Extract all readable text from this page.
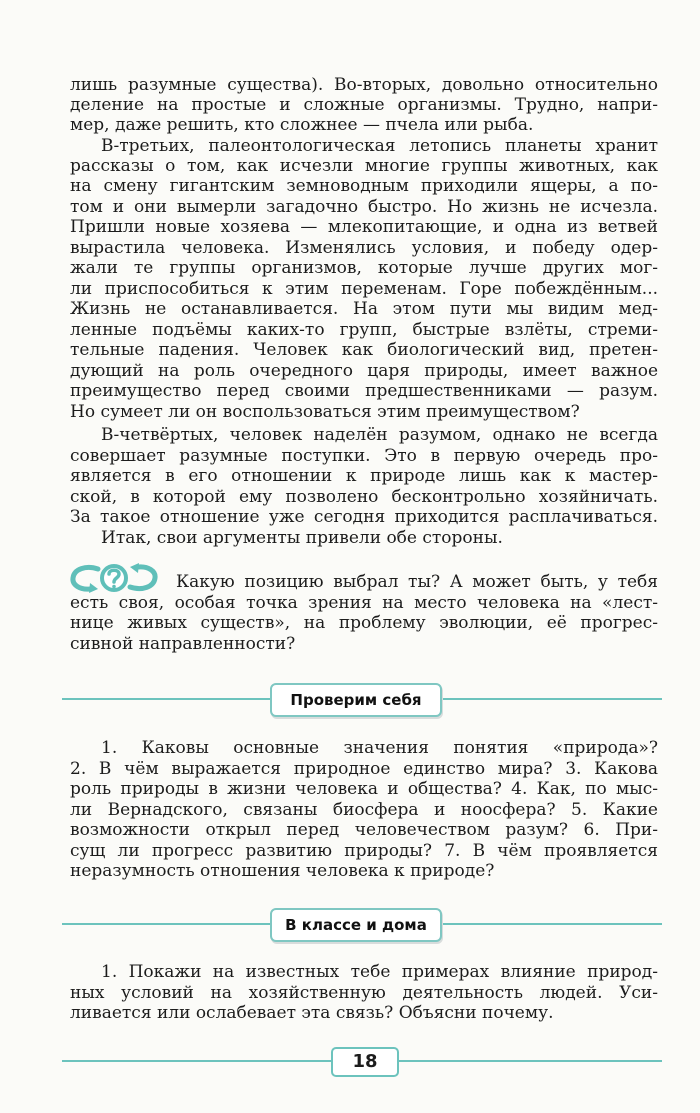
лишь разумные существа). Во-вторых, довольно относительно
деление на простые и сложные организмы. Трудно, напри-
мер, даже решить, кто сложнее — пчела или рыба.
В-третьих, палеонтологическая летопись планеты хранит
рассказы о том, как исчезли многие группы животных, как
на смену гигантским земноводным приходили ящеры, а по-
том и они вымерли загадочно быстро. Но жизнь не исчезла.
Пришли новые хозяева — млекопитающие, и одна из ветвей
вырастила человека. Изменялись условия, и победу одер-
жали те группы организмов, которые лучше других мог-
ли приспособиться к этим переменам. Горе побеждённым...
Жизнь не останавливается. На этом пути мы видим мед-
ленные подъёмы каких-то групп, быстрые взлёты, стреми-
тельные падения. Человек как биологический вид, претен-
дующий на роль очередного царя природы, имеет важное
преимущество перед своими предшественниками — разум.
Но сумеет ли он воспользоваться этим преимуществом?
В-четвёртых, человек наделён разумом, однако не всегда
совершает разумные поступки. Это в первую очередь про-
является в его отношении к природе лишь как к мастер-
ской, в которой ему позволено бесконтрольно хозяйничать.
За такое отношение уже сегодня приходится расплачиваться.
Итак, свои аргументы привели обе стороны.
Какую позицию выбрал ты? А может быть, у тебя
есть своя, особая точка зрения на место человека на «лест-
нице живых существ», на проблему эволюции, её прогрес-
сивной направленности?
Проверим себя
1. Каковы основные значения понятия «природа»?
2. В чём выражается природное единство мира? 3. Какова
роль природы в жизни человека и общества? 4. Как, по мыс-
ли Вернадского, связаны биосфера и ноосфера? 5. Какие
возможности открыл перед человечеством разум? 6. При-
сущ ли прогресс развитию природы? 7. В чём проявляется
неразумность отношения человека к природе?
В классе и дома
1. Покажи на известных тебе примерах влияние природ-
ных условий на хозяйственную деятельность людей. Уси-
ливается или ослабевает эта связь? Объясни почему.
18
